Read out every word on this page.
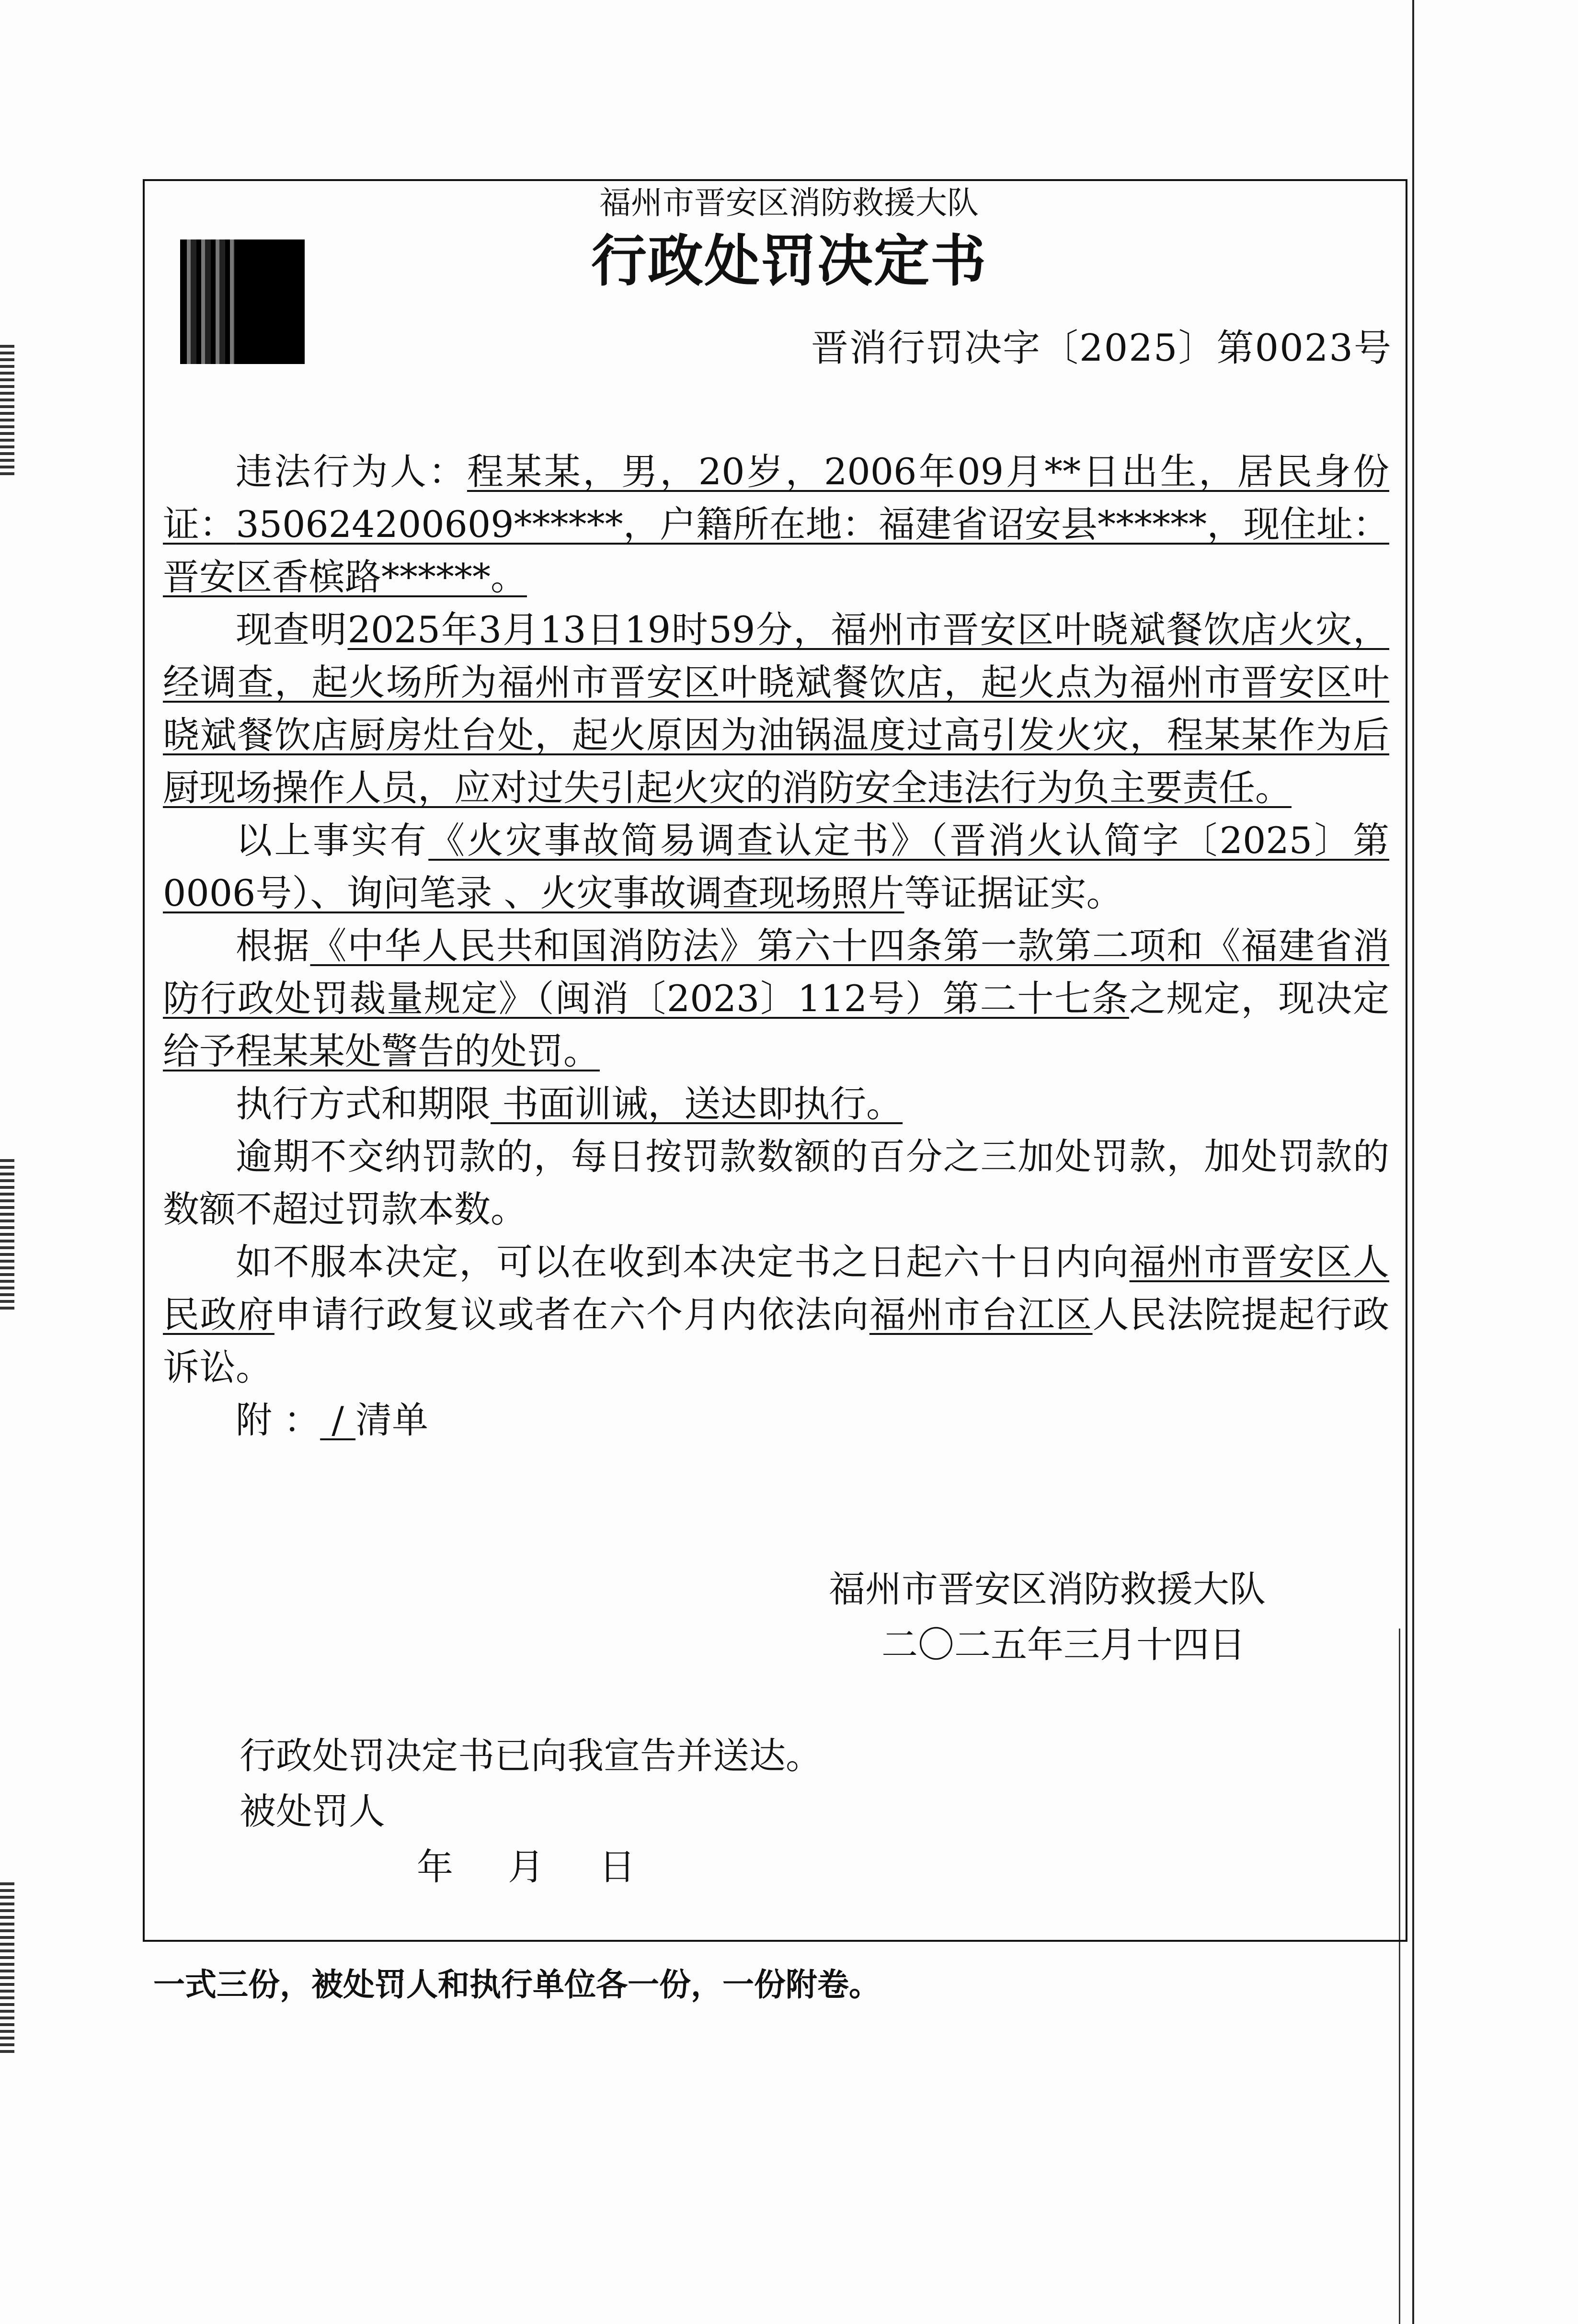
福州市晋安区消防救援大队
行政处罚决定书
晋消行罚决字〔2025〕第0023号

违法行为人：程某某，男，20岁，2006年09月**日出生，居民身份证：350624200609******，户籍所在地：福建省诏安县******，现住址：晋安区香槟路******。

现查明2025年3月13日19时59分，福州市晋安区叶晓斌餐饮店火灾，经调查，起火场所为福州市晋安区叶晓斌餐饮店，起火点为福州市晋安区叶晓斌餐饮店厨房灶台处，起火原因为油锅温度过高引发火灾，程某某作为后厨现场操作人员，应对过失引起火灾的消防安全违法行为负主要责任。

以上事实有《火灾事故简易调查认定书》（晋消火认简字〔2025〕第0006号）、询问笔录 、火灾事故调查现场照片等证据证实。

根据《中华人民共和国消防法》第六十四条第一款第二项和《福建省消防行政处罚裁量规定》（闽消〔2023〕112号）第二十七条之规定，现决定给予程某某处警告的处罚。

执行方式和期限 书面训诫，送达即执行。

逾期不交纳罚款的，每日按罚款数额的百分之三加处罚款，加处罚款的数额不超过罚款本数。

如不服本决定，可以在收到本决定书之日起六十日内向福州市晋安区人民政府申请行政复议或者在六个月内依法向福州市台江区人民法院提起行政诉讼。

附 ： / 清单

福州市晋安区消防救援大队
二〇二五年三月十四日
行政处罚决定书已向我宣告并送达。
被处罚人
年 月 日
一式三份，被处罚人和执行单位各一份，一份附卷。
